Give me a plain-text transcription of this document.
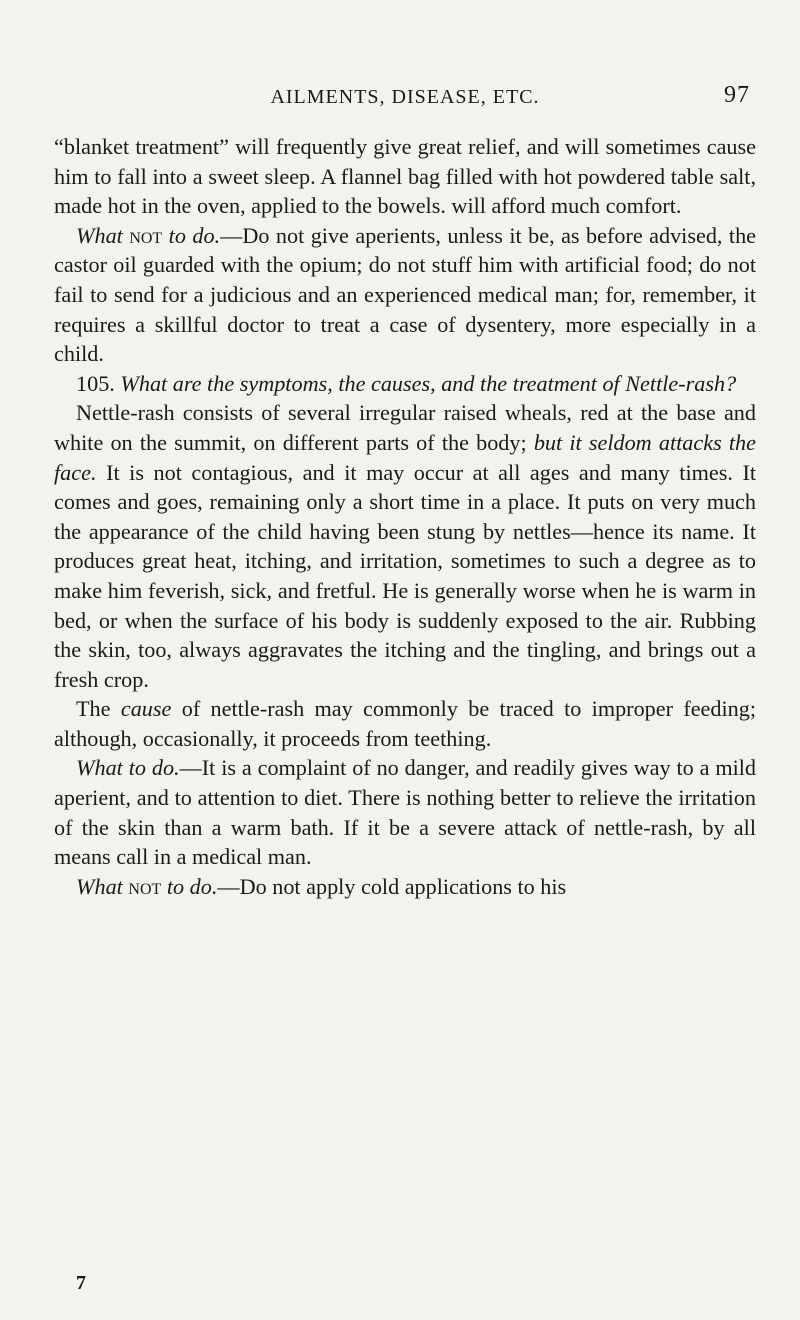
AILMENTS, DISEASE, ETC.	97

“blanket treatment” will frequently give great relief, and will sometimes cause him to fall into a sweet sleep. A flannel bag filled with hot powdered table salt, made hot in the oven, applied to the bowels. will afford much comfort.

What not to do.—Do not give aperients, unless it be, as before advised, the castor oil guarded with the opium; do not stuff him with artificial food; do not fail to send for a judicious and an experienced medical man; for, remember, it requires a skillful doctor to treat a case of dysentery, more especially in a child.

105. What are the symptoms, the causes, and the treatment of Nettle-rash?

Nettle-rash consists of several irregular raised wheals, red at the base and white on the summit, on different parts of the body; but it seldom attacks the face. It is not contagious, and it may occur at all ages and many times. It comes and goes, remaining only a short time in a place. It puts on very much the appearance of the child having been stung by nettles—hence its name. It produces great heat, itching, and irritation, sometimes to such a degree as to make him feverish, sick, and fretful. He is generally worse when he is warm in bed, or when the surface of his body is suddenly exposed to the air. Rubbing the skin, too, always aggravates the itching and the tingling, and brings out a fresh crop.

The cause of nettle-rash may commonly be traced to improper feeding; although, occasionally, it proceeds from teething.

What to do.—It is a complaint of no danger, and readily gives way to a mild aperient, and to attention to diet. There is nothing better to relieve the irritation of the skin than a warm bath. If it be a severe attack of nettle-rash, by all means call in a medical man.

What not to do.—Do not apply cold applications to his

7
